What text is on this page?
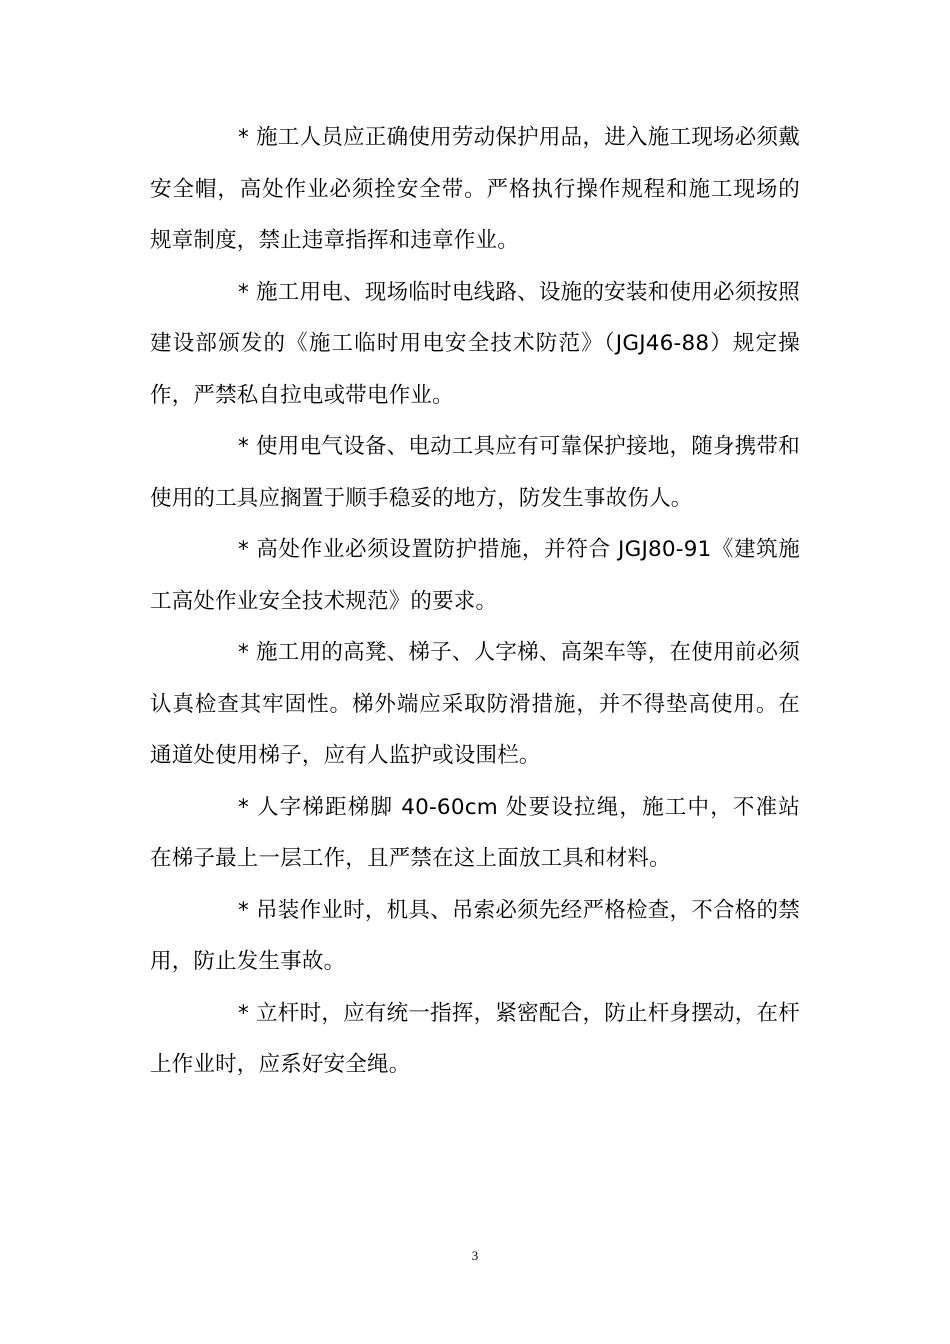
* 施工人员应正确使用劳动保护用品，进入施工现场必须戴安全帽，高处作业必须拴安全带。严格执行操作规程和施工现场的规章制度，禁止违章指挥和违章作业。

* 施工用电、现场临时电线路、设施的安装和使用必须按照建设部颁发的《施工临时用电安全技术防范》（JGJ46-88）规定操作，严禁私自拉电或带电作业。

* 使用电气设备、电动工具应有可靠保护接地，随身携带和使用的工具应搁置于顺手稳妥的地方，防发生事故伤人。

* 高处作业必须设置防护措施，并符合 JGJ80-91《建筑施工高处作业安全技术规范》的要求。

* 施工用的高凳、梯子、人字梯、高架车等，在使用前必须认真检查其牢固性。梯外端应采取防滑措施，并不得垫高使用。在通道处使用梯子，应有人监护或设围栏。

* 人字梯距梯脚 40-60cm 处要设拉绳，施工中，不准站在梯子最上一层工作，且严禁在这上面放工具和材料。

* 吊装作业时，机具、吊索必须先经严格检查，不合格的禁用，防止发生事故。

* 立杆时，应有统一指挥，紧密配合，防止杆身摆动，在杆上作业时，应系好安全绳。

3
